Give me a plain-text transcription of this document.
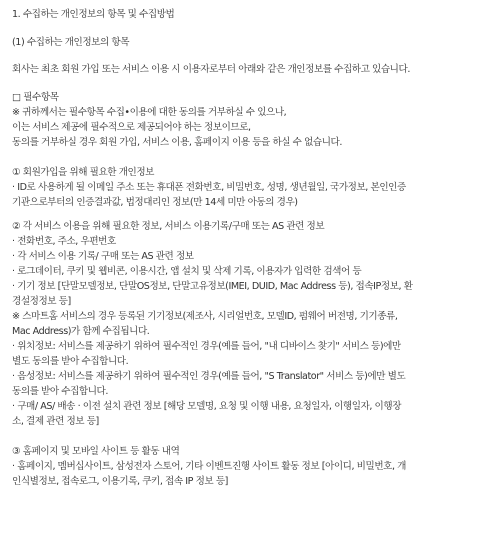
1. 수집하는 개인정보의 항목 및 수집방법

(1) 수집하는 개인정보의 항목

회사는 최초 회원 가입 또는 서비스 이용 시 이용자로부터 아래와 같은 개인정보를 수집하고 있습니다.

□ 필수항목

※ 귀하께서는 필수항목 수집•이용에 대한 동의를 거부하실 수 있으나,

이는 서비스 제공에 필수적으로 제공되어야 하는 정보이므로,

동의를 거부하실 경우 회원 가입, 서비스 이용, 홈페이지 이용 등을 하실 수 없습니다.

① 회원가입을 위해 필요한 개인정보

· ID로 사용하게 될 이메일 주소 또는 휴대폰 전화번호, 비밀번호, 성명, 생년월일, 국가정보, 본인인증

기관으로부터의 인증결과값, 법정대리인 정보(만 14세 미만 아동의 경우)

② 각 서비스 이용을 위해 필요한 정보, 서비스 이용기록/구매 또는 AS 관련 정보

· 전화번호, 주소, 우편번호

· 각 서비스 이용 기록/ 구매 또는 AS 관련 정보

· 로그데이터, 쿠키 및 웹비콘, 이용시간, 앱 설치 및 삭제 기록, 이용자가 입력한 검색어 등

· 기기 정보 [단말모델정보, 단말OS정보, 단말고유정보(IMEI, DUID, Mac Address 등), 접속IP정보, 환

경설정정보 등]

※ 스마트홈 서비스의 경우 등록된 기기정보(제조사, 시리얼번호, 모델ID, 펌웨어 버전명, 기기종류,

Mac Address)가 함께 수집됩니다.

· 위치정보: 서비스를 제공하기 위하여 필수적인 경우(예를 들어, "내 디바이스 찾기" 서비스 등)에만

별도 동의를 받아 수집합니다.

· 음성정보: 서비스를 제공하기 위하여 필수적인 경우(예를 들어, "S Translator" 서비스 등)에만 별도

동의를 받아 수집합니다.

· 구매/ AS/ 배송 · 이전 설치 관련 정보 [해당 모델명, 요청 및 이행 내용, 요청일자, 이행일자, 이행장

소, 결제 관련 정보 등]

③ 홈페이지 및 모바일 사이트 등 활동 내역

· 홈페이지, 멤버십사이트, 삼성전자 스토어, 기타 이벤트진행 사이트 활동 정보 [아이디, 비밀번호, 개

인식별정보, 접속로그, 이용기록, 쿠키, 접속 IP 정보 등]
